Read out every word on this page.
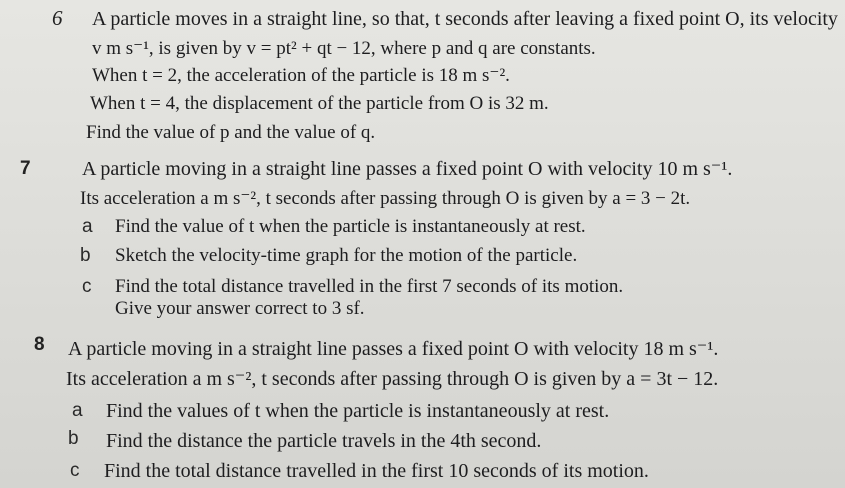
6 A particle moves in a straight line, so that, t seconds after leaving a fixed point O, its velocity
v m s⁻¹, is given by v = pt² + qt − 12, where p and q are constants.
When t = 2, the acceleration of the particle is 18 m s⁻².
When t = 4, the displacement of the particle from O is 32 m.
Find the value of p and the value of q.
7	A particle moving in a straight line passes a fixed point O with velocity 10 m s⁻¹.
Its acceleration a m s⁻², t seconds after passing through O is given by a = 3 − 2t.
a Find the value of t when the particle is instantaneously at rest.
b Sketch the velocity-time graph for the motion of the particle.
c Find the total distance travelled in the first 7 seconds of its motion.
Give your answer correct to 3 sf.
8 A particle moving in a straight line passes a fixed point O with velocity 18 m s⁻¹.
Its acceleration a m s⁻², t seconds after passing through O is given by a = 3t − 12.
a Find the values of t when the particle is instantaneously at rest.
b Find the distance the particle travels in the 4th second.
c Find the total distance travelled in the first 10 seconds of its motion.
